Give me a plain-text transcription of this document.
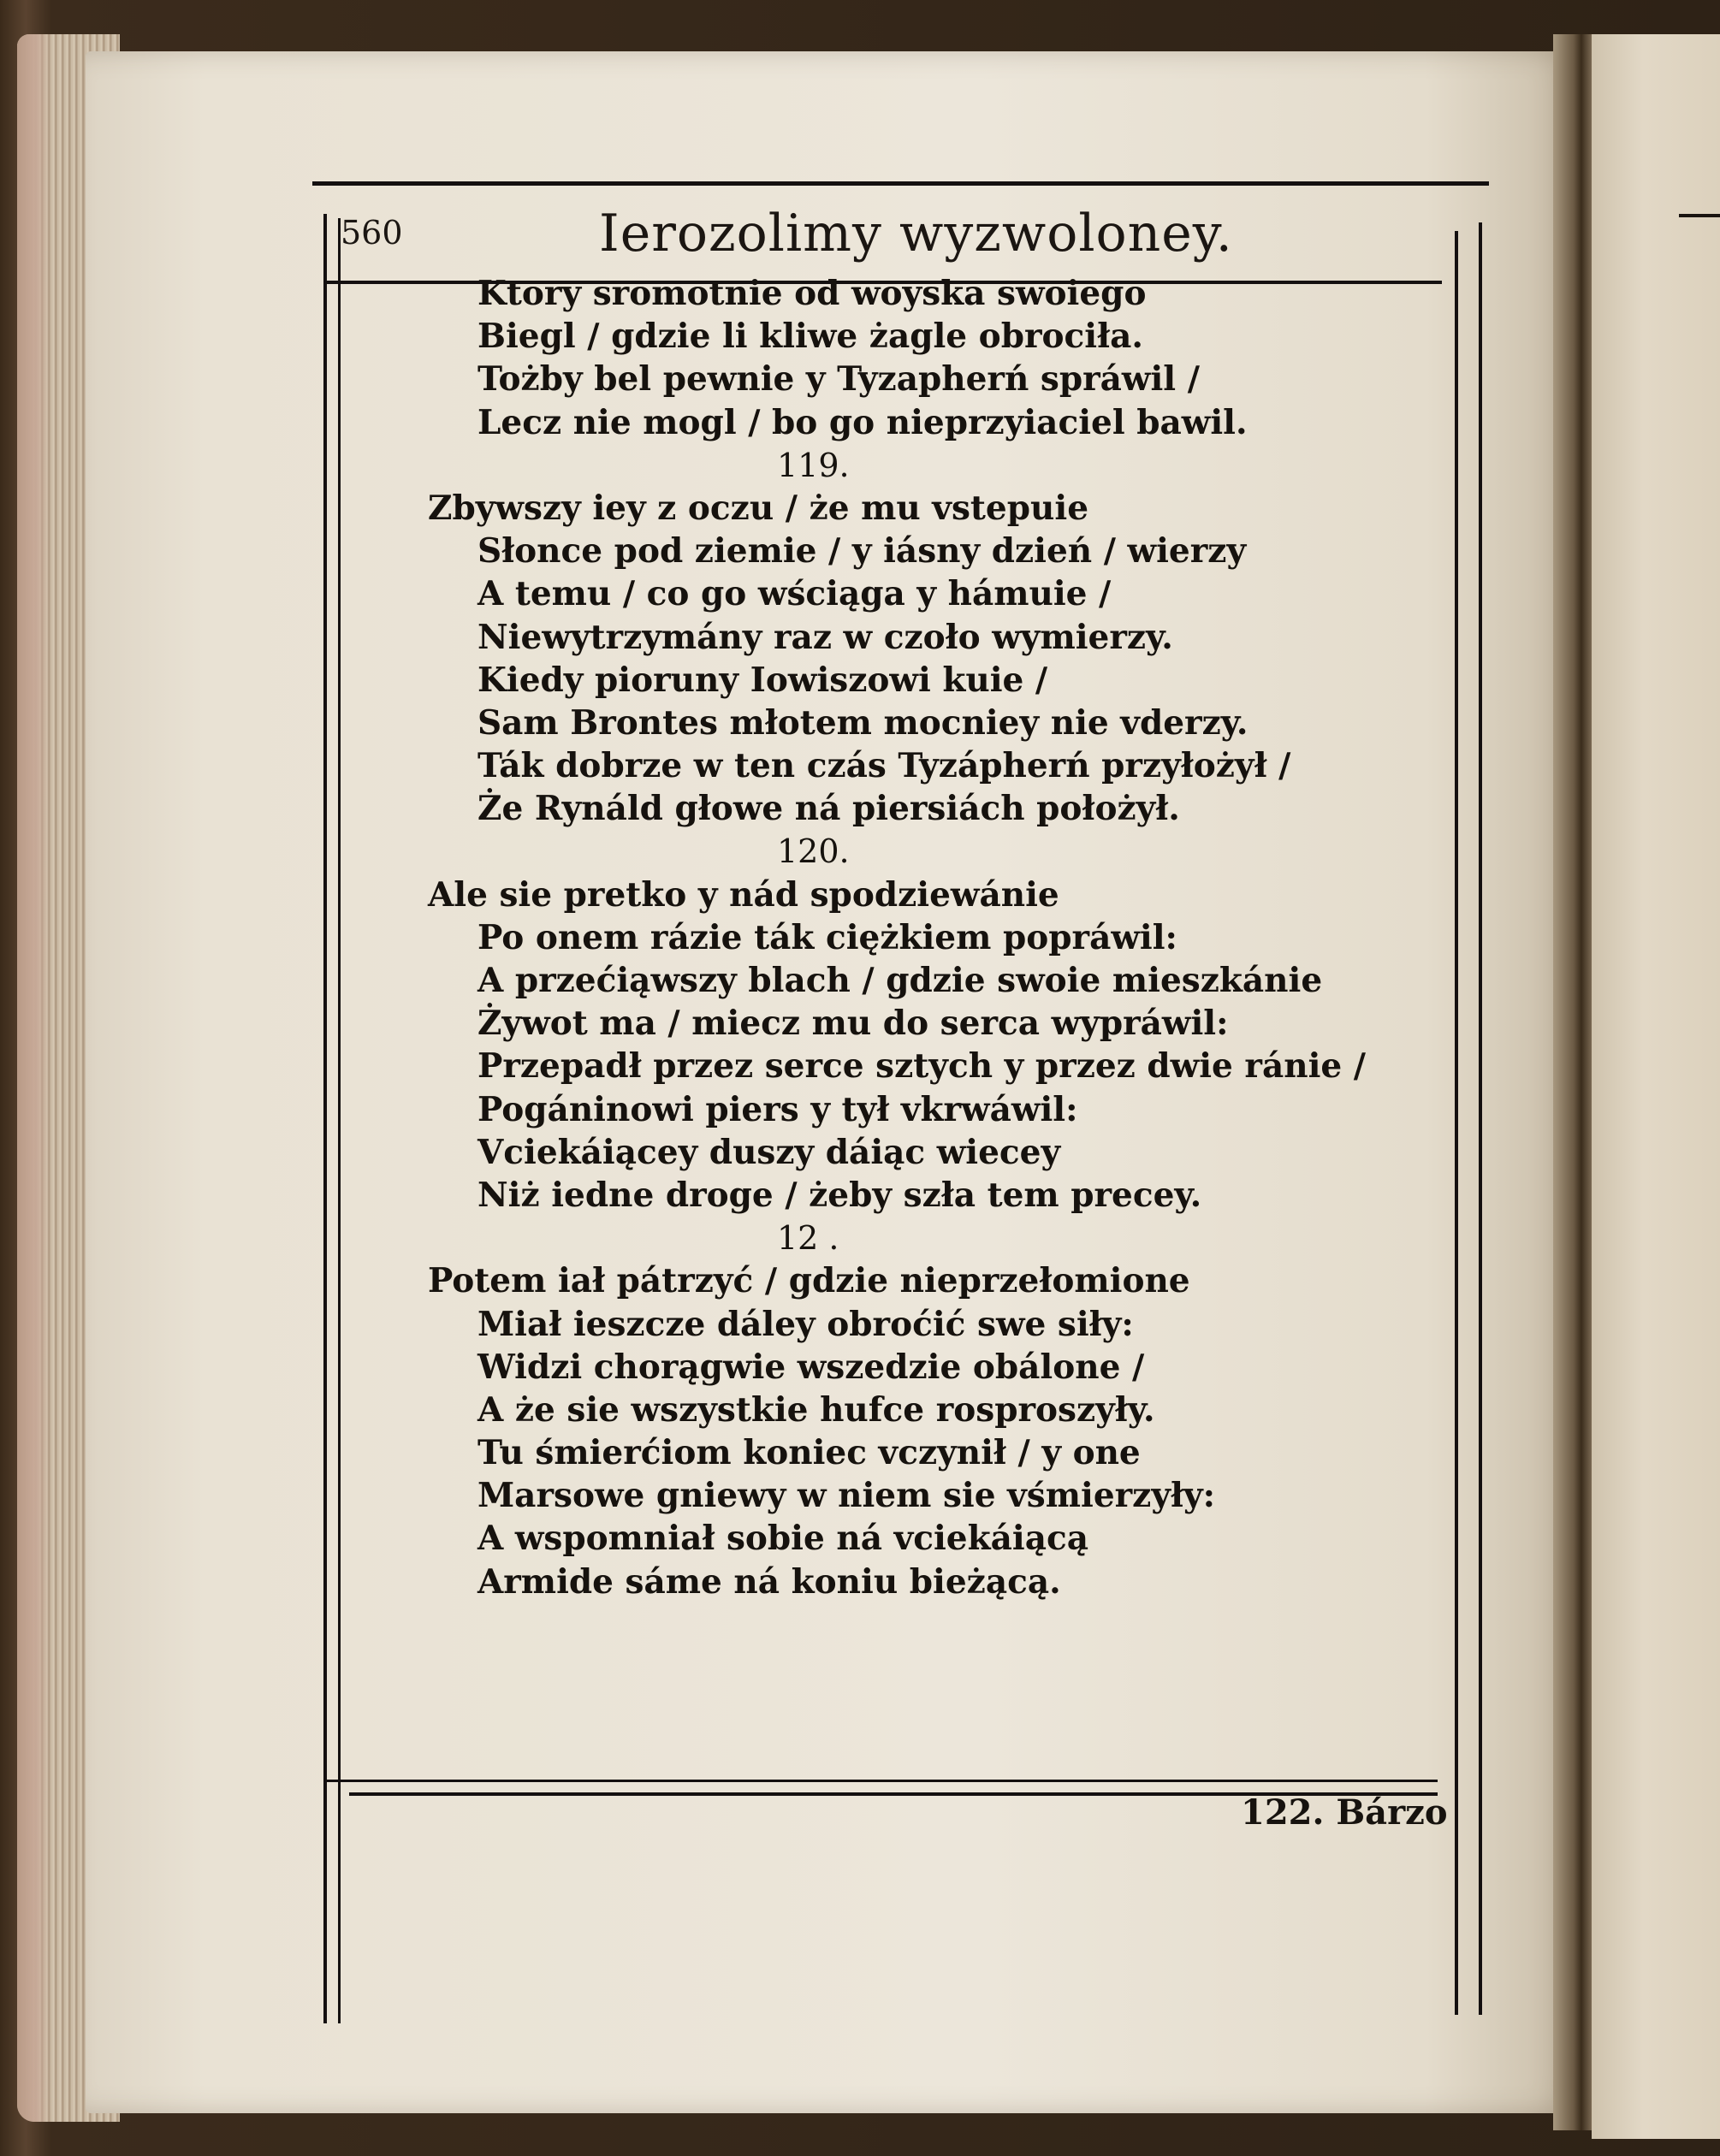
560	Ierozolimy wyzwoloney.
Ktory sromotnie od woyska swoiego
Biegl / gdzie li kliwe żagle obrociła.
Tożby bel pewnie y Tyzapherń spráwil /
Lecz nie mogl / bo go nieprzyiaciel bawil.
119.
Zbywszy iey z oczu / że mu vstepuie
Słonce pod ziemie / y iásny dzień / wierzy
A temu / co go wściąga y hámuie /
Niewytrzymány raz w czoło wymierzy.
Kiedy pioruny Iowiszowi kuie /
Sam Brontes młotem mocniey nie vderzy.
Ták dobrze w ten czás Tyzápherń przyłożył /
Że Rynáld głowe ná piersiách położył.
120.
Ale sie pretko y nád spodziewánie
Po onem rázie ták ciężkiem popráwil:
A przećiąwszy blach / gdzie swoie mieszkánie
Żywot ma / miecz mu do serca wypráwil:
Przepadł przez serce sztych y przez dwie ránie /
Pogáninowi piers y tył vkrwáwil:
Vciekáiącey duszy dáiąc wiecey
Niż iedne droge / żeby szła tem precey.
12 .
Potem iał pátrzyć / gdzie nieprzełomione
Miał ieszcze dáley obroćić swe siły:
Widzi chorągwie wszedzie obálone /
A że sie wszystkie hufce rosproszyły.
Tu śmierćiom koniec vczynił / y one
Marsowe gniewy w niem sie vśmierzyły:
A wspomniał sobie ná vciekáiącą
Armide sáme ná koniu bieżącą.
122. Bárzo
